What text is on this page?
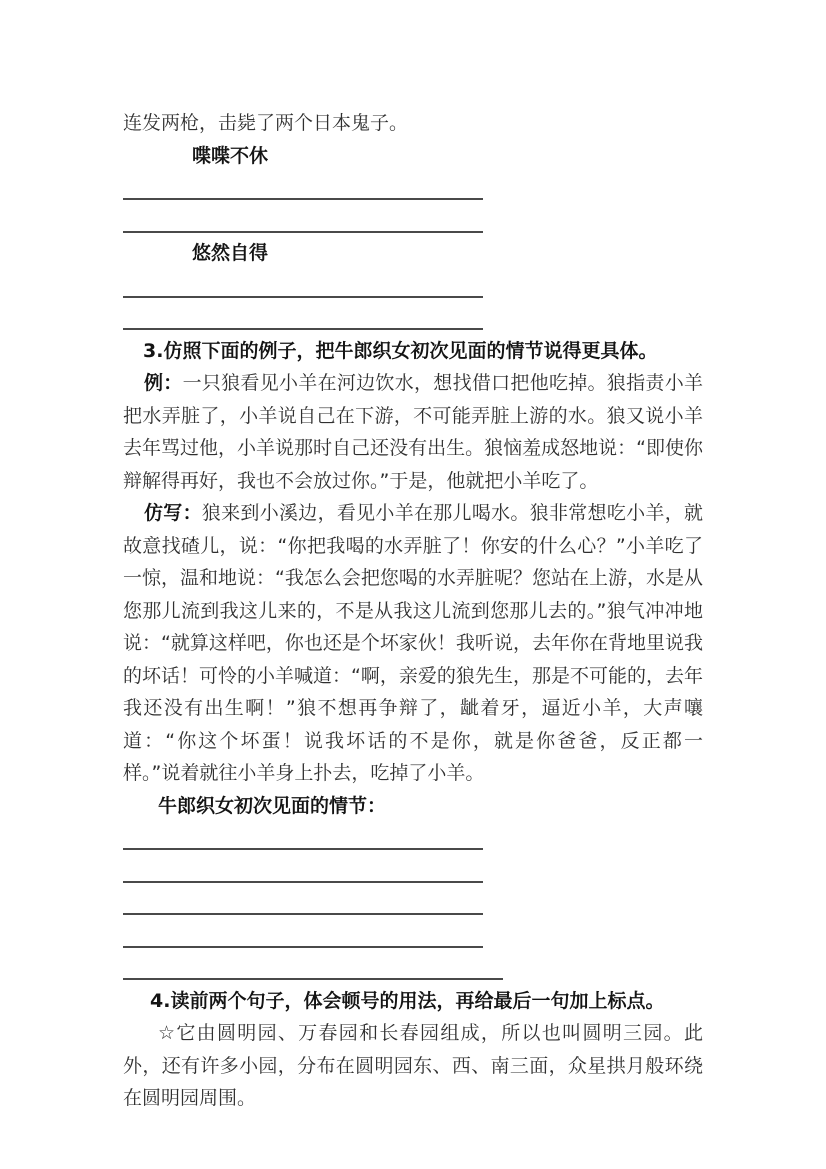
连发两枪，击毙了两个日本鬼子。

喋喋不休

悠然自得

3.仿照下面的例子，把牛郎织女初次见面的情节说得更具体。

例：一只狼看见小羊在河边饮水，想找借口把他吃掉。狼指责小羊把水弄脏了，小羊说自己在下游，不可能弄脏上游的水。狼又说小羊去年骂过他，小羊说那时自己还没有出生。狼恼羞成怒地说：“即使你辩解得再好，我也不会放过你。”于是，他就把小羊吃了。

仿写：狼来到小溪边，看见小羊在那儿喝水。狼非常想吃小羊，就故意找碴儿，说：“你把我喝的水弄脏了！你安的什么心？”小羊吃了一惊，温和地说：“我怎么会把您喝的水弄脏呢？您站在上游，水是从您那儿流到我这儿来的，不是从我这儿流到您那儿去的。”狼气冲冲地说：“就算这样吧，你也还是个坏家伙！我听说，去年你在背地里说我的坏话！可怜的小羊喊道：“啊，亲爱的狼先生，那是不可能的，去年我还没有出生啊！”狼不想再争辩了，龇着牙，逼近小羊，大声嚷道：“你这个坏蛋！说我坏话的不是你，就是你爸爸，反正都一样。”说着就往小羊身上扑去，吃掉了小羊。

牛郎织女初次见面的情节：

4.读前两个句子，体会顿号的用法，再给最后一句加上标点。

☆它由圆明园、万春园和长春园组成，所以也叫圆明三园。此外，还有许多小园，分布在圆明园东、西、南三面，众星拱月般环绕在圆明园周围。
